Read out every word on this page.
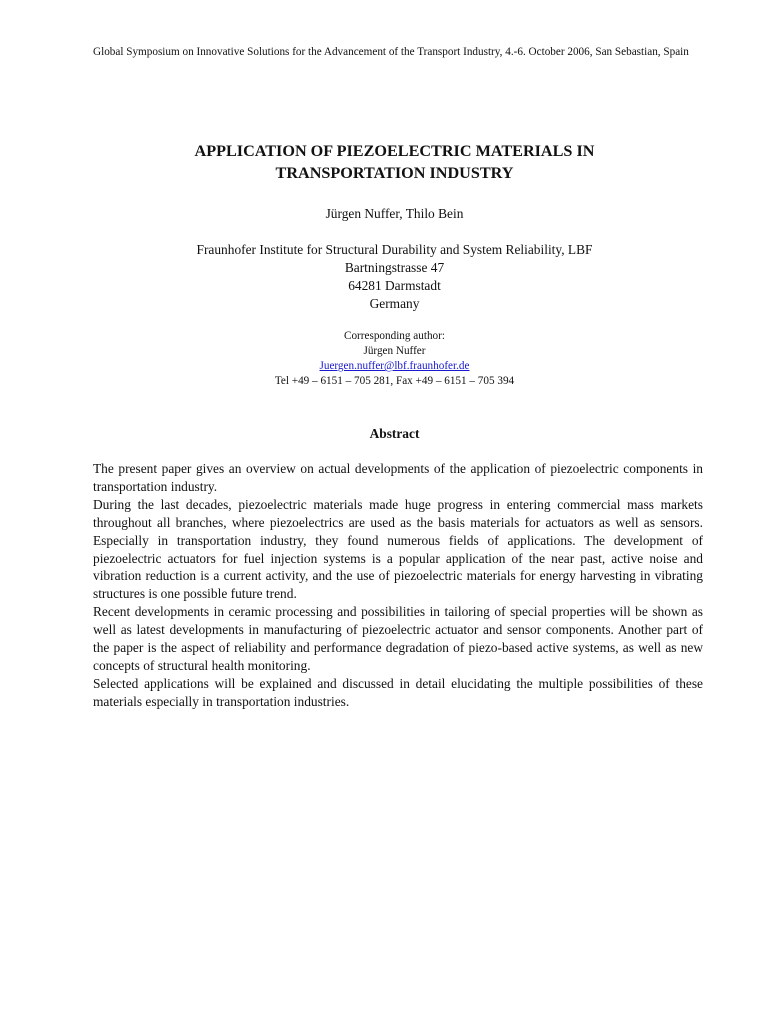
Global Symposium on Innovative Solutions for the Advancement of the Transport Industry, 4.-6. October 2006, San Sebastian, Spain
APPLICATION OF PIEZOELECTRIC MATERIALS IN
TRANSPORTATION INDUSTRY
Jürgen Nuffer, Thilo Bein
Fraunhofer Institute for Structural Durability and System Reliability, LBF
Bartningstrasse 47
64281 Darmstadt
Germany
Corresponding author:
Jürgen Nuffer
Juergen.nuffer@lbf.fraunhofer.de
Tel +49 – 6151 – 705 281, Fax +49 – 6151 – 705 394
Abstract

The present paper gives an overview on actual developments of the application of piezoelectric components in transportation industry.

During the last decades, piezoelectric materials made huge progress in entering commercial mass markets throughout all branches, where piezoelectrics are used as the basis materials for actuators as well as sensors. Especially in transportation industry, they found numerous fields of applications. The development of piezoelectric actuators for fuel injection systems is a popular application of the near past, active noise and vibration reduction is a current activity, and the use of piezoelectric materials for energy harvesting in vibrating structures is one possible future trend.

Recent developments in ceramic processing and possibilities in tailoring of special properties will be shown as well as latest developments in manufacturing of piezoelectric actuator and sensor components. Another part of the paper is the aspect of reliability and performance degradation of piezo-based active systems, as well as new concepts of structural health monitoring.

Selected applications will be explained and discussed in detail elucidating the multiple possibilities of these materials especially in transportation industries.
